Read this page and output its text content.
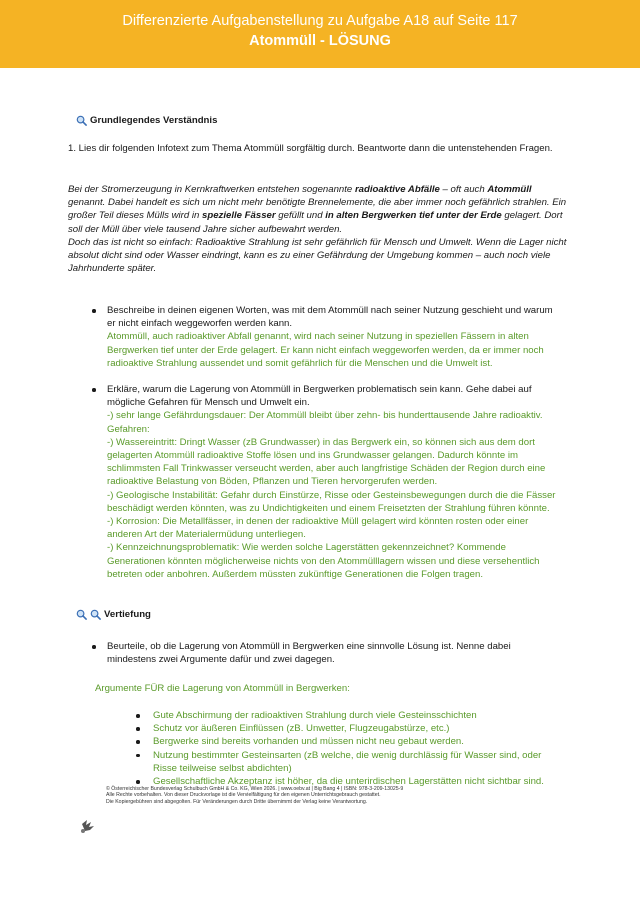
Differenzierte Aufgabenstellung zu Aufgabe A18 auf Seite 117
Atommüll - LÖSUNG
Grundlegendes Verständnis
1. Lies dir folgenden Infotext zum Thema Atommüll sorgfältig durch. Beantworte dann die untenstehenden Fragen.
Bei der Stromerzeugung in Kernkraftwerken entstehen sogenannte radioaktive Abfälle – oft auch Atommüll genannt. Dabei handelt es sich um nicht mehr benötigte Brennelemente, die aber immer noch gefährlich strahlen. Ein großer Teil dieses Mülls wird in spezielle Fässer gefüllt und in alten Bergwerken tief unter der Erde gelagert. Dort soll der Müll über viele tausend Jahre sicher aufbewahrt werden.
Doch das ist nicht so einfach: Radioaktive Strahlung ist sehr gefährlich für Mensch und Umwelt. Wenn die Lager nicht absolut dicht sind oder Wasser eindringt, kann es zu einer Gefährdung der Umgebung kommen – auch noch viele Jahrhunderte später.
Beschreibe in deinen eigenen Worten, was mit dem Atommüll nach seiner Nutzung geschieht und warum er nicht einfach weggeworfen werden kann.
Atommüll, auch radioaktiver Abfall genannt, wird nach seiner Nutzung in speziellen Fässern in alten Bergwerken tief unter der Erde gelagert. Er kann nicht einfach weggeworfen werden, da er immer noch radioaktive Strahlung aussendet und somit gefährlich für die Menschen und die Umwelt ist.
Erkläre, warum die Lagerung von Atommüll in Bergwerken problematisch sein kann. Gehe dabei auf mögliche Gefahren für Mensch und Umwelt ein.
-) sehr lange Gefährdungsdauer: Der Atommüll bleibt über zehn- bis hunderttausende Jahre radioaktiv.
Gefahren:
-) Wassereintritt: Dringt Wasser (zB Grundwasser) in das Bergwerk ein, so können sich aus dem dort gelagerten Atommüll radioaktive Stoffe lösen und ins Grundwasser gelangen. Dadurch könnte im schlimmsten Fall Trinkwasser verseucht werden, aber auch langfristige Schäden der Region durch eine radioaktive Belastung von Böden, Pflanzen und Tieren hervorgerufen werden.
-) Geologische Instabilität: Gefahr durch Einstürze, Risse oder Gesteinsbewegungen durch die die Fässer beschädigt werden könnten, was zu Undichtigkeiten und einem Freisetzten der Strahlung führen könnte.
-) Korrosion: Die Metallfässer, in denen der radioaktive Müll gelagert wird könnten rosten oder einer anderen Art der Materialermüdung unterliegen.
-) Kennzeichnungsproblematik: Wie werden solche Lagerstätten gekennzeichnet? Kommende Generationen könnten möglicherweise nichts von den Atommülllagern wissen und diese versehentlich betreten oder anbohren. Außerdem müssten zukünftige Generationen die Folgen tragen.
Vertiefung
Beurteile, ob die Lagerung von Atommüll in Bergwerken eine sinnvolle Lösung ist. Nenne dabei mindestens zwei Argumente dafür und zwei dagegen.
Argumente FÜR die Lagerung von Atommüll in Bergwerken:
Gute Abschirmung der radioaktiven Strahlung durch viele Gesteinsschichten
Schutz vor äußeren Einflüssen (zB. Unwetter, Flugzeugabstürze, etc.)
Bergwerke sind bereits vorhanden und müssen nicht neu gebaut werden.
Nutzung bestimmter Gesteinsarten (zB welche, die wenig durchlässig für Wasser sind, oder Risse teilweise selbst abdichten)
Gesellschaftliche Akzeptanz ist höher, da die unterirdischen Lagerstätten nicht sichtbar sind.
© Österreichischer Bundesverlag Schulbuch GmbH & Co. KG, Wien 2026. | www.oebv.at | Big Bang 4 | ISBN: 978-3-209-13025-9
Alle Rechte vorbehalten. Von dieser Druckvorlage ist die Vervielfältigung für den eigenen Unterrichtsgebrauch gestattet.
Die Kopiergebühren sind abgegolten. Für Veränderungen durch Dritte übernimmt der Verlag keine Verantwortung.
